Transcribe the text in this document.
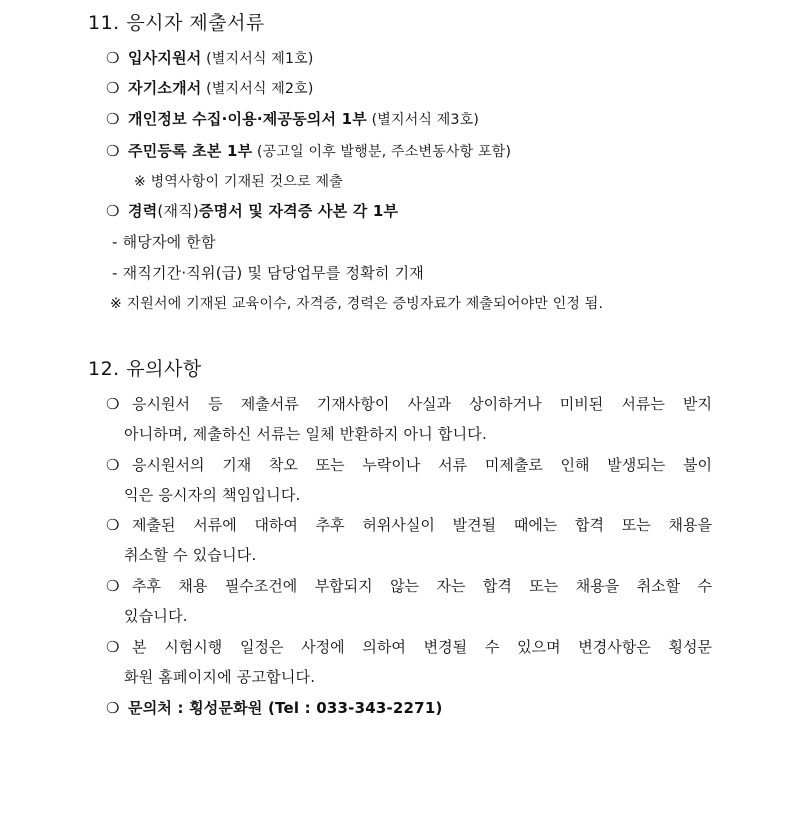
11. 응시자 제출서류
❍ 입사지원서 (별지서식 제1호)
❍ 자기소개서 (별지서식 제2호)
❍ 개인정보 수집·이용·제공동의서 1부 (별지서식 제3호)
❍ 주민등록 초본 1부 (공고일 이후 발행분, 주소변동사항 포함)
※ 병역사항이 기재된 것으로 제출
❍ 경력(재직)증명서 및 자격증 사본 각 1부
- 해당자에 한함
- 재직기간·직위(급) 및 담당업무를 정확히 기재
※ 지원서에 기재된 교육이수, 자격증, 경력은 증빙자료가 제출되어야만 인정 됨.
12. 유의사항
❍ 응시원서 등 제출서류 기재사항이 사실과 상이하거나 미비된 서류는 받지
아니하며, 제출하신 서류는 일체 반환하지 아니 합니다.
❍ 응시원서의 기재 착오 또는 누락이나 서류 미제출로 인해 발생되는 불이
익은 응시자의 책임입니다.
❍ 제출된 서류에 대하여 추후 허위사실이 발견될 때에는 합격 또는 채용을
취소할 수 있습니다.
❍ 추후 채용 필수조건에 부합되지 않는 자는 합격 또는 채용을 취소할 수
있습니다.
❍ 본 시험시행 일정은 사정에 의하여 변경될 수 있으며 변경사항은 횡성문
화원 홈페이지에 공고합니다.
❍ 문의처 : 횡성문화원 (Tel : 033-343-2271)
